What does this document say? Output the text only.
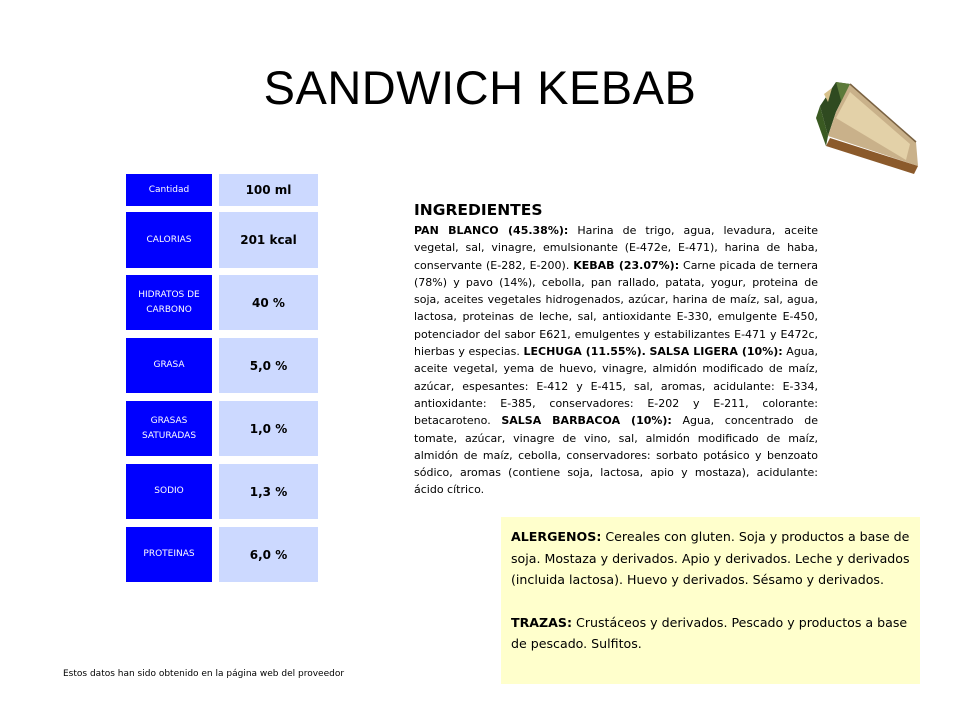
SANDWICH KEBAB
Cantidad	100 ml
CALORIAS	201 kcal
HIDRATOS DE CARBONO	40 %
GRASA	5,0 %
GRASAS SATURADAS	1,0 %
SODIO	1,3 %
PROTEINAS	6,0 %
INGREDIENTES
PAN BLANCO (45.38%): Harina de trigo, agua, levadura, aceite vegetal, sal, vinagre, emulsionante (E-472e, E-471), harina de haba, conservante (E-282, E-200). KEBAB (23.07%): Carne picada de ternera (78%) y pavo (14%), cebolla, pan rallado, patata, yogur, proteina de soja, aceites vegetales hidrogenados, azúcar, harina de maíz, sal, agua, lactosa, proteinas de leche, sal, antioxidante E-330, emulgente E-450, potenciador del sabor E621, emulgentes y estabilizantes E-471 y E472c, hierbas y especias. LECHUGA (11.55%). SALSA LIGERA (10%): Agua, aceite vegetal, yema de huevo, vinagre, almidón modificado de maíz, azúcar, espesantes: E-412 y E-415, sal, aromas, acidulante: E-334, antioxidante: E-385, conservadores: E-202 y E-211, colorante: betacaroteno. SALSA BARBACOA (10%): Agua, concentrado de tomate, azúcar, vinagre de vino, sal, almidón modificado de maíz, almidón de maíz, cebolla, conservadores: sorbato potásico y benzoato sódico, aromas (contiene soja, lactosa, apio y mostaza), acidulante: ácido cítrico.

ALERGENOS: Cereales con gluten. Soja y productos a base de soja. Mostaza y derivados. Apio y derivados. Leche y derivados (incluida lactosa). Huevo y derivados. Sésamo y derivados.

TRAZAS: Crustáceos y derivados. Pescado y productos a base de pescado. Sulfitos.

Estos datos han sido obtenido en la página web del proveedor
